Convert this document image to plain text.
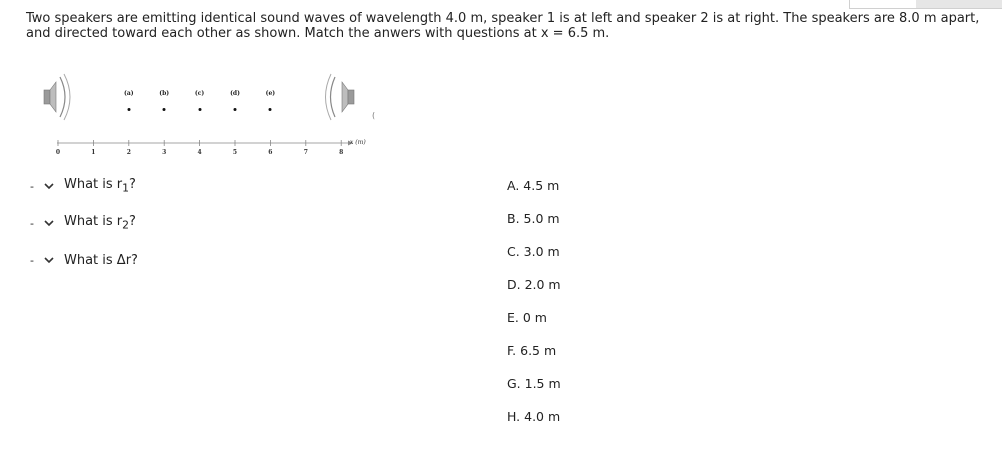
Two speakers are emitting identical sound waves of wavelength 4.0 m, speaker 1 is at left and speaker 2 is at right. The speakers are 8.0 m apart, and directed toward each other as shown. Match the anwers with questions at x = 6.5 m.
0	1	2	3	4	5	6	7	8
(a)	(b)	(c)	(d)	(e)
x (m)
(
-	What is $r_1$?
-	What is $r_2$?
-	What is Δr?
A. 4.5 m
B. 5.0 m
C. 3.0 m
D. 2.0 m
E. 0 m
F. 6.5 m
G. 1.5 m
H. 4.0 m
